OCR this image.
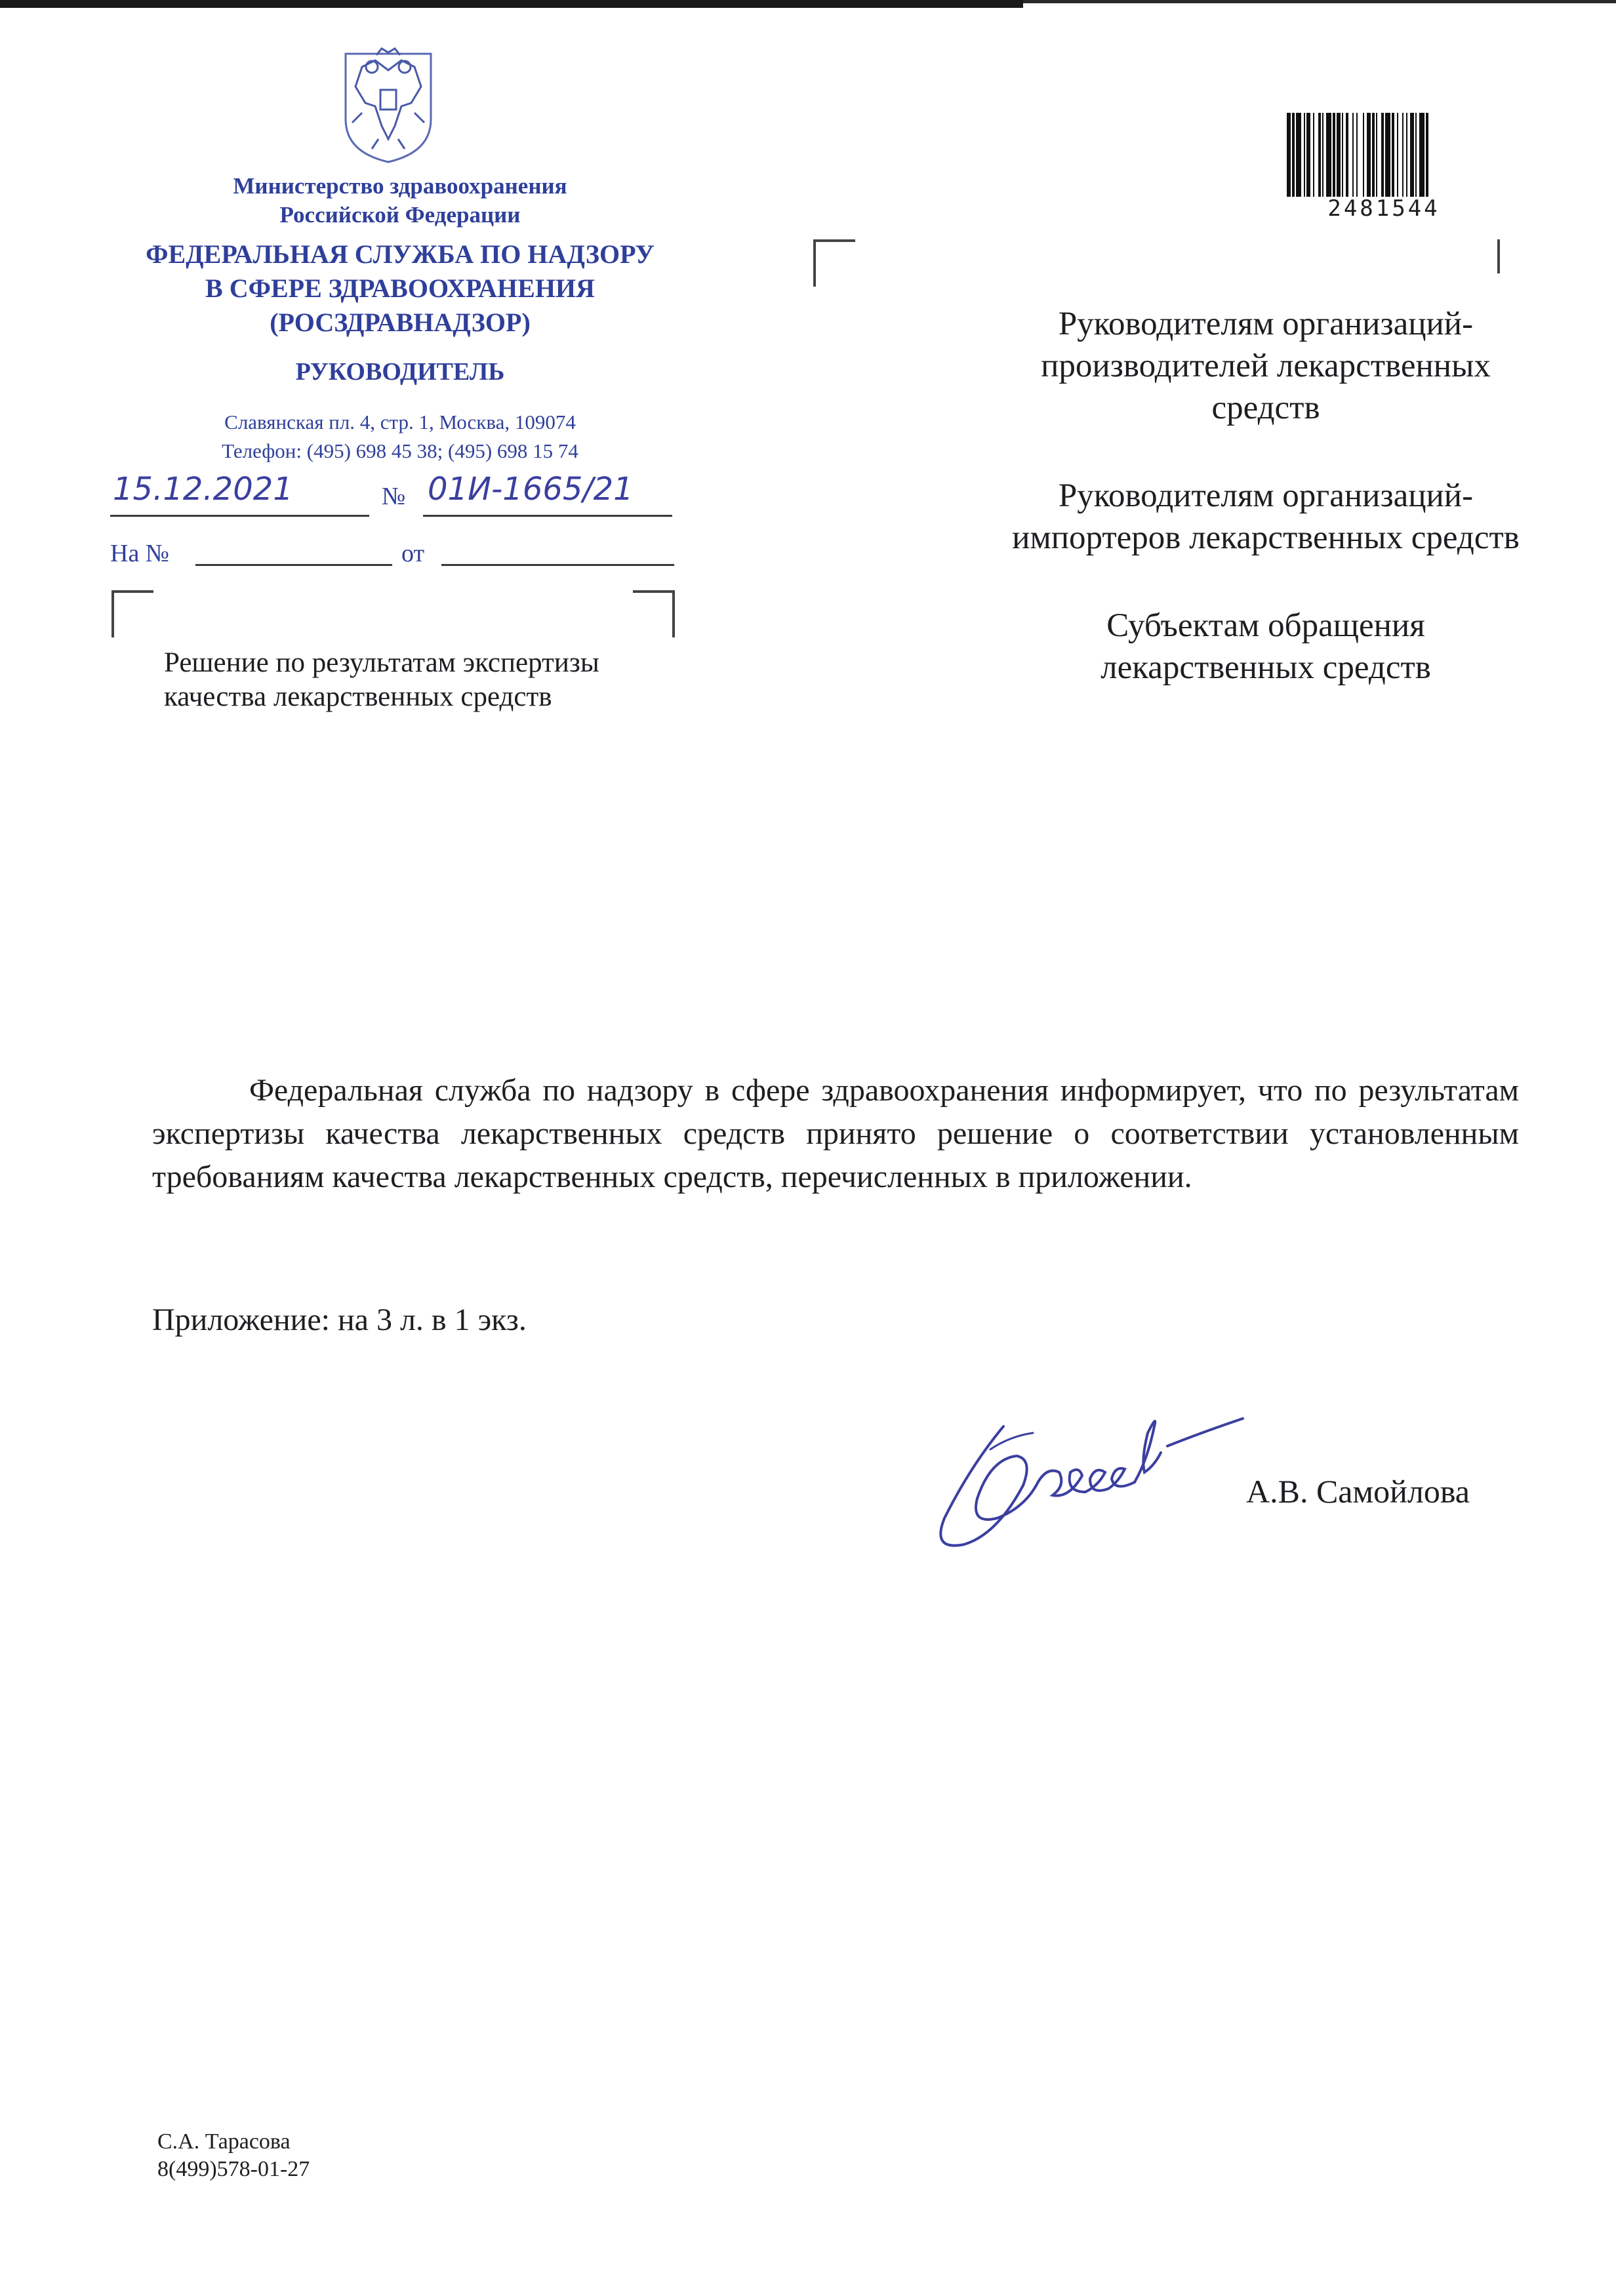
Министерство здравоохранения
Российской Федерации
ФЕДЕРАЛЬНАЯ СЛУЖБА ПО НАДЗОРУ
В СФЕРЕ ЗДРАВООХРАНЕНИЯ
(РОСЗДРАВНАДЗОР)
РУКОВОДИТЕЛЬ
Славянская пл. 4, стр. 1, Москва, 109074
Телефон: (495) 698 45 38; (495) 698 15 74
15.12.2021	№ 01И-1665/21
На №	от
Решение по результатам экспертизы
качества лекарственных средств
2481544
Руководителям организаций-
производителей лекарственных
средств
Руководителям организаций-
импортеров лекарственных средств
Субъектам обращения
лекарственных средств

Федеральная служба по надзору в сфере здравоохранения информирует, что по результатам экспертизы качества лекарственных средств принято решение о соответствии установленным требованиям качества лекарственных средств, перечисленных в приложении.

Приложение: на 3 л. в 1 экз.
А.В. Самойлова
С.А. Тарасова
8(499)578-01-27
